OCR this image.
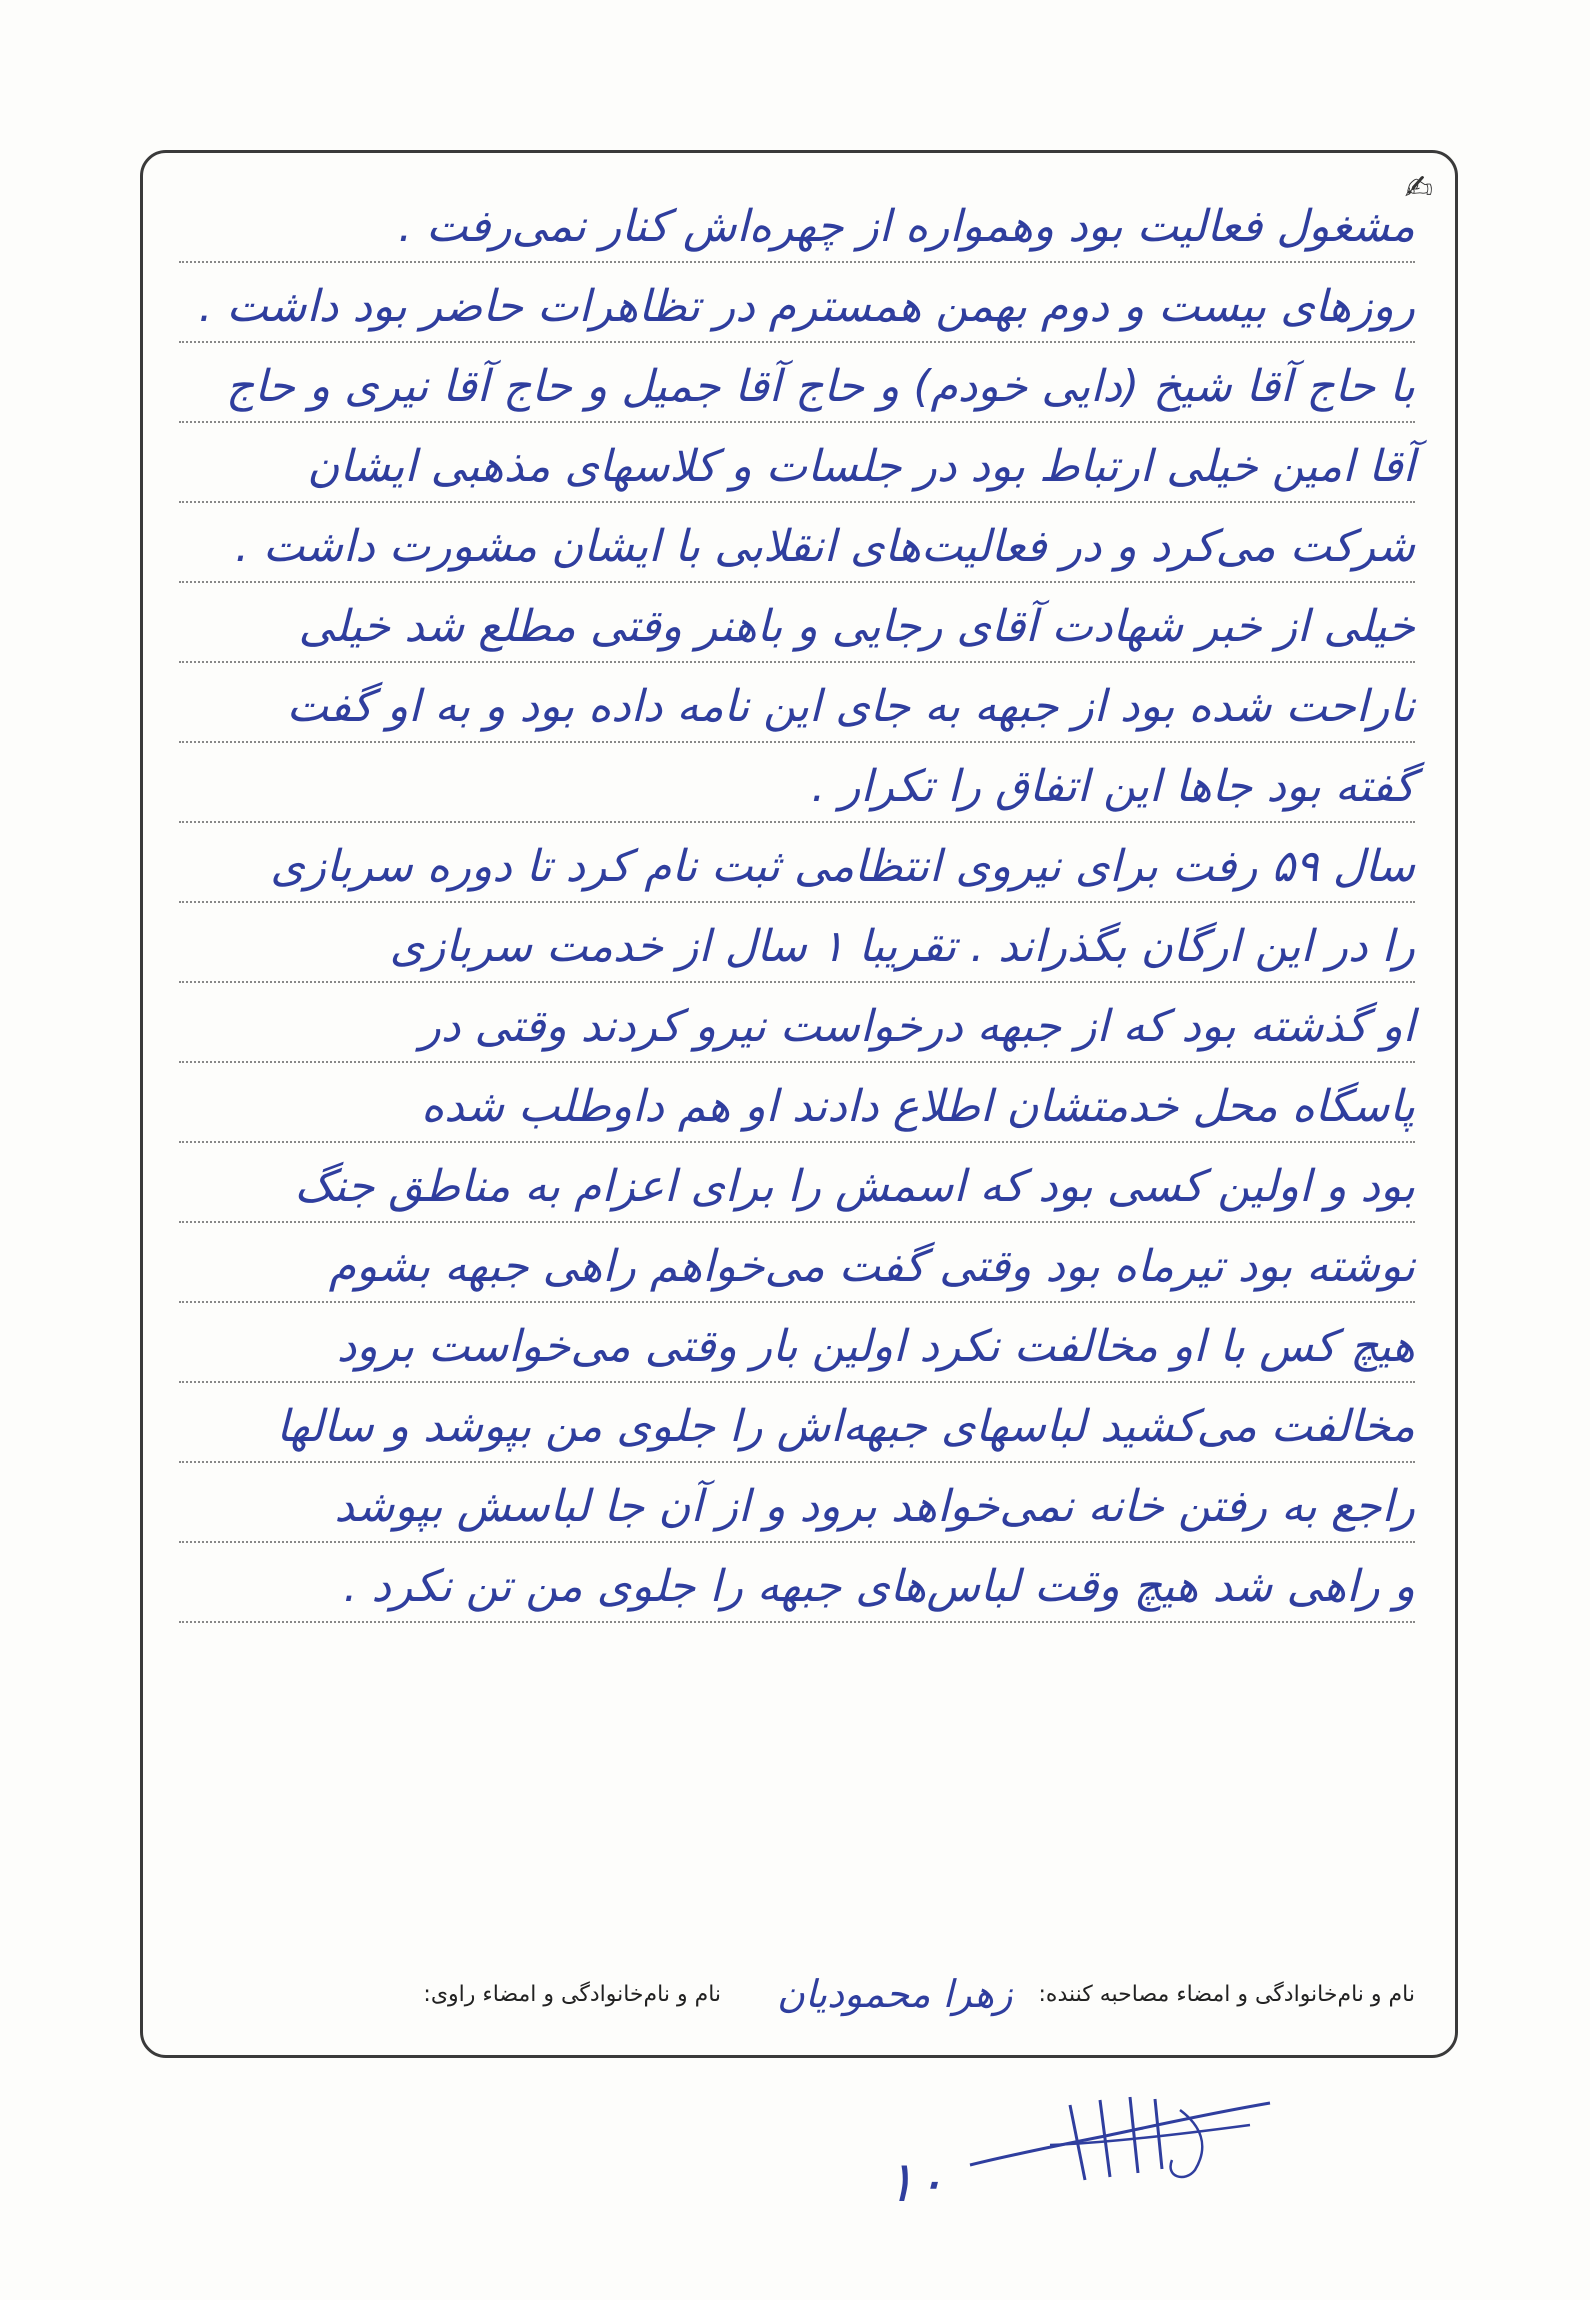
✍
مشغول فعالیت بود وهمواره از چهره‌اش کنار نمی‌رفت .
روزهای بیست و دوم بهمن همسترم در تظاهرات حاضر بود داشت .
با حاج آقا شیخ (دایی خودم) و حاج آقا جمیل و حاج آقا نیری و حاج
آقا امین خیلی ارتباط بود در جلسات و کلاسهای مذهبی ایشان
شرکت می‌کرد و در فعالیت‌های انقلابی با ایشان مشورت داشت .
خیلی از خبر شهادت آقای رجایی و باهنر وقتی مطلع شد خیلی
ناراحت شده بود از جبهه به جای این نامه داده بود و به او گفت
گفته بود جاها این اتفاق را تکرار .
سال ۵۹ رفت برای نیروی انتظامی ثبت نام کرد تا دوره سربازی
را در این ارگان بگذراند . تقریبا ۱ سال از خدمت سربازی
او گذشته بود که از جبهه درخواست نیرو کردند وقتی در
پاسگاه محل خدمتشان اطلاع دادند او هم داوطلب شده
بود و اولین کسی بود که اسمش را برای اعزام به مناطق جنگ
نوشته بود تیرماه بود وقتی گفت می‌خواهم راهی جبهه بشوم
هیچ کس با او مخالفت نکرد اولین بار وقتی می‌خواست برود
مخالفت می‌کشید لباسهای جبهه‌اش را جلوی من بپوشد و سالها
راجع به رفتن خانه نمی‌خواهد برود و از آن جا لباسش بپوشد
و راهی شد هیچ وقت لباس‌های جبهه را جلوی من تن نکرد .
نام و نام‌خانوادگی و امضاء مصاحبه کننده:
زهرا محمودیان
نام و نام‌خانوادگی و امضاء راوی:
۱۰
